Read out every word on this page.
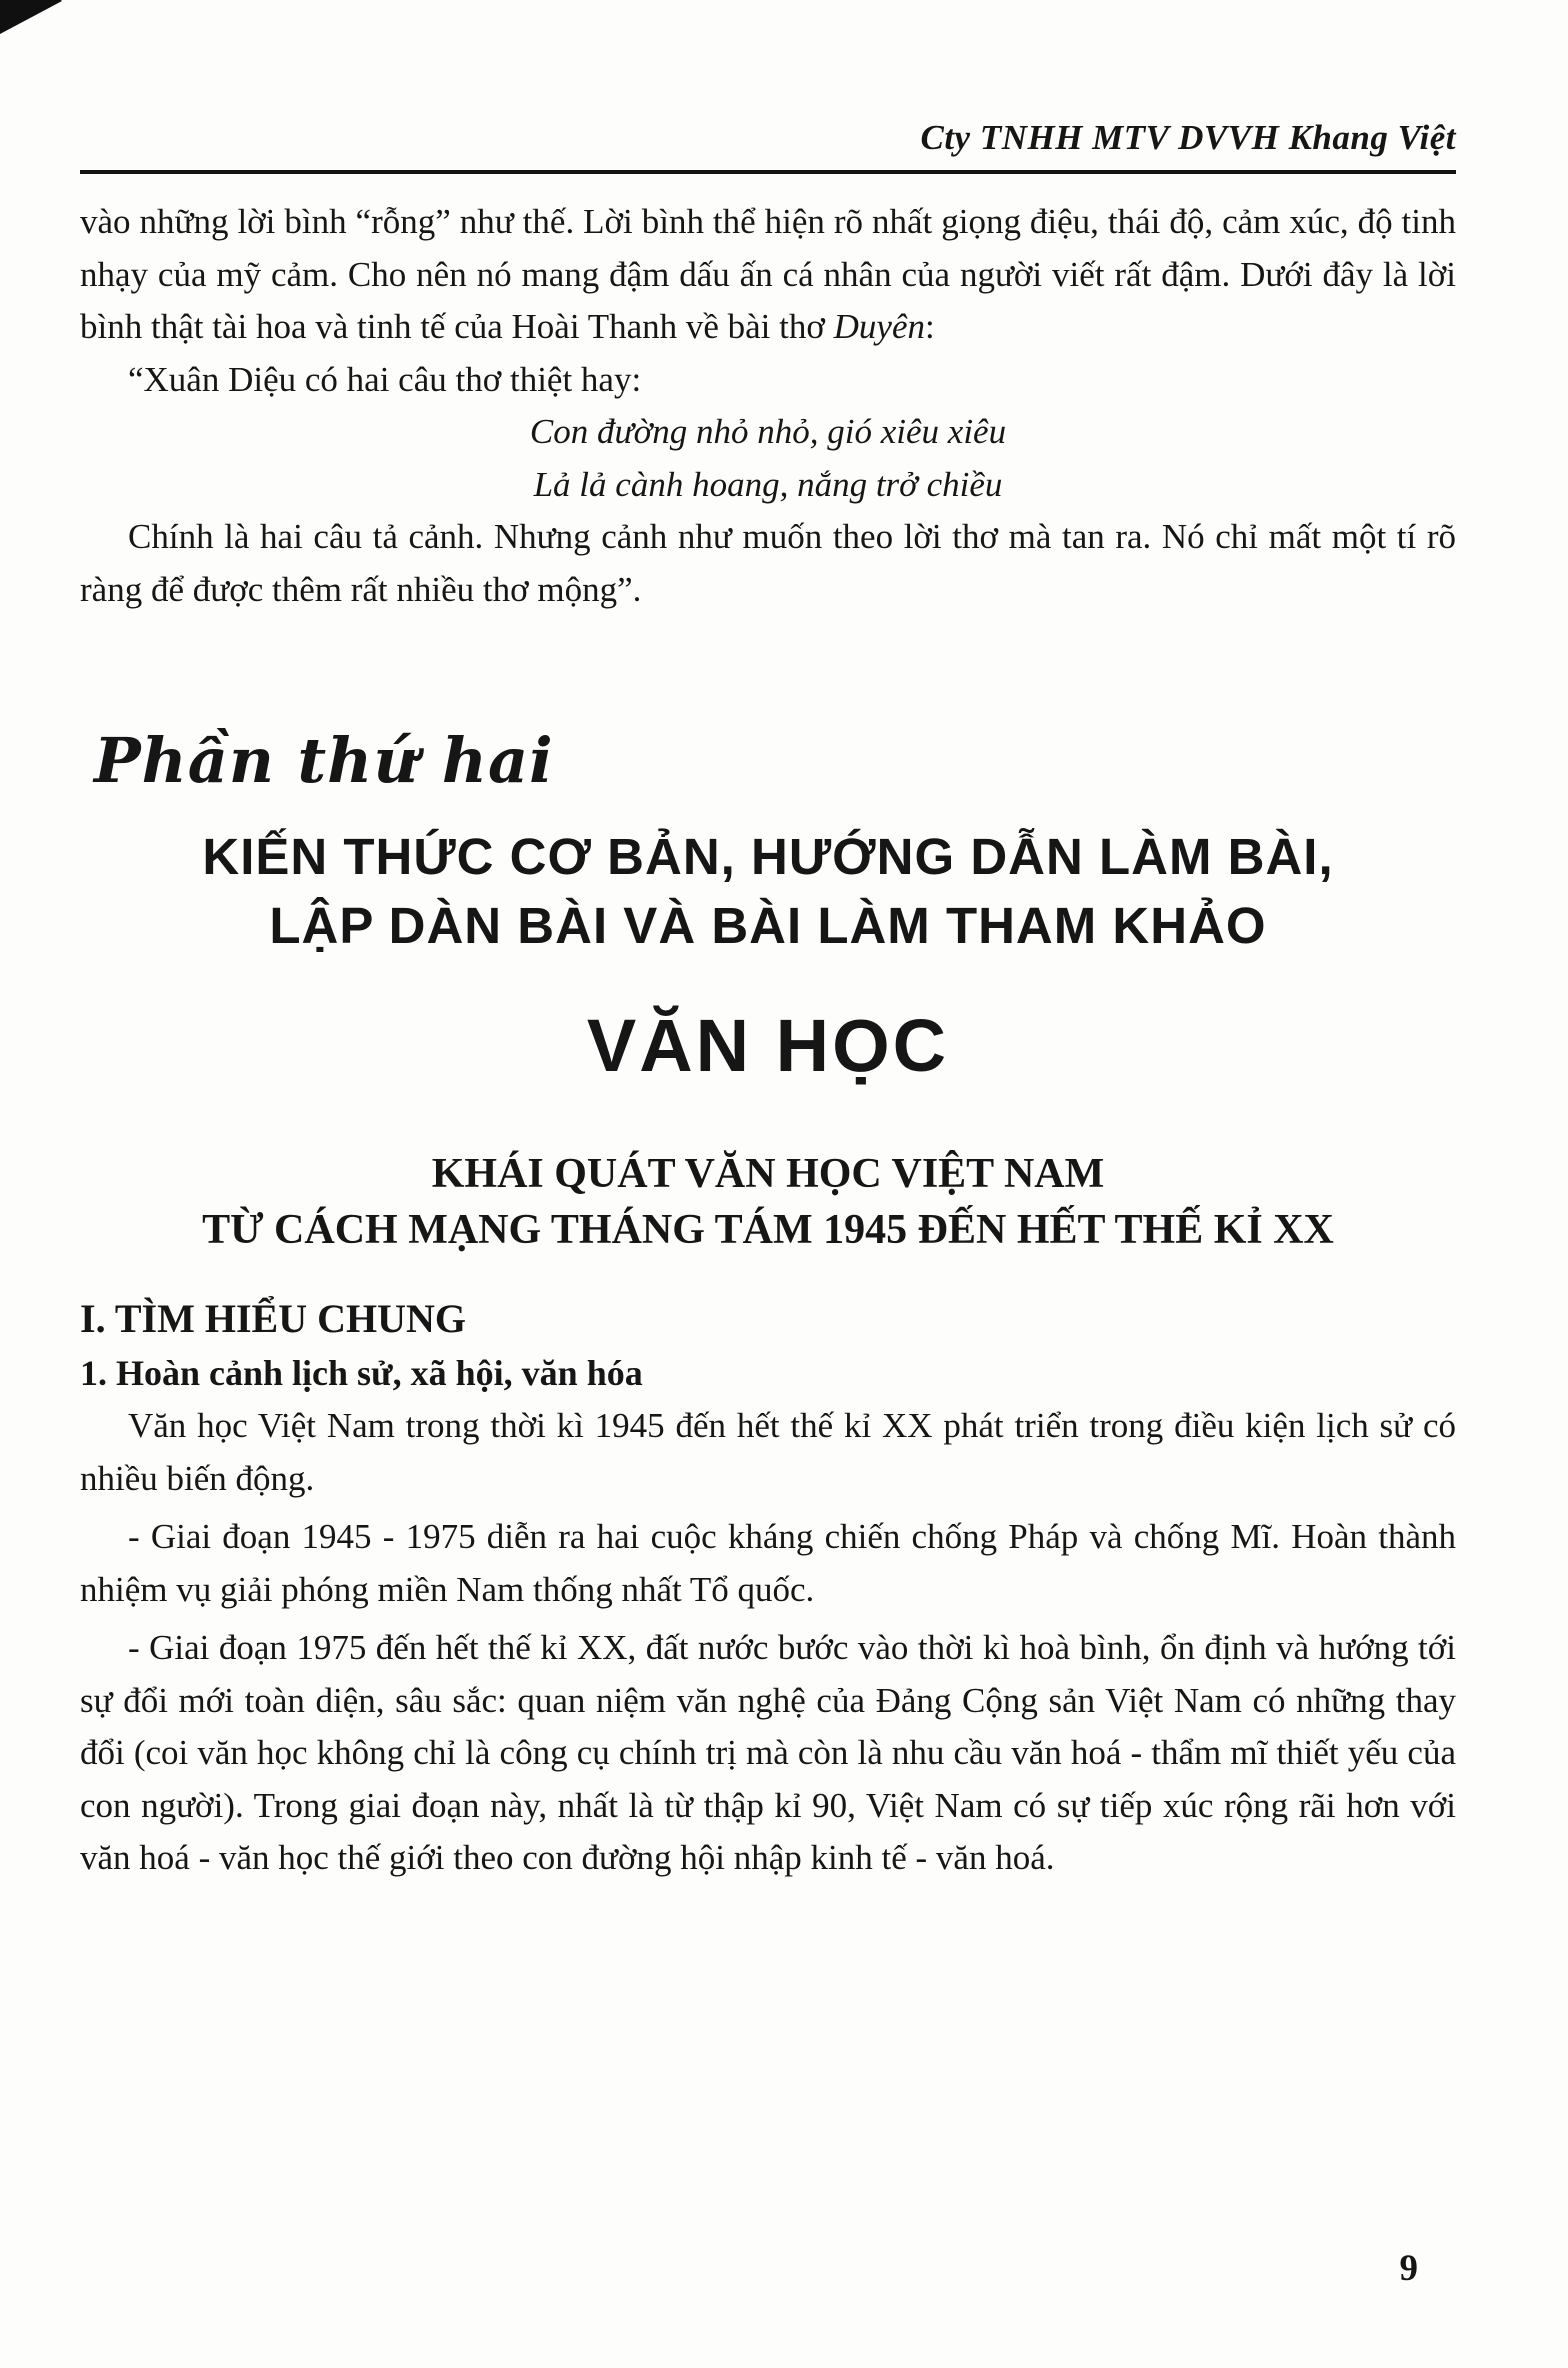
Cty TNHH MTV DVVH Khang Việt

vào những lời bình “rỗng” như thế. Lời bình thể hiện rõ nhất giọng điệu, thái độ, cảm xúc, độ tinh nhạy của mỹ cảm. Cho nên nó mang đậm dấu ấn cá nhân của người viết rất đậm. Dưới đây là lời bình thật tài hoa và tinh tế của Hoài Thanh về bài thơ Duyên:

“Xuân Diệu có hai câu thơ thiệt hay:

Con đường nhỏ nhỏ, gió xiêu xiêu
Lả lả cành hoang, nắng trở chiều

Chính là hai câu tả cảnh. Nhưng cảnh như muốn theo lời thơ mà tan ra. Nó chỉ mất một tí rõ ràng để được thêm rất nhiều thơ mộng”.

Phần thứ hai
KIẾN THỨC CƠ BẢN, HƯỚNG DẪN LÀM BÀI,
LẬP DÀN BÀI VÀ BÀI LÀM THAM KHẢO
VĂN HỌC
KHÁI QUÁT VĂN HỌC VIỆT NAM
TỪ CÁCH MẠNG THÁNG TÁM 1945 ĐẾN HẾT THẾ KỈ XX
I. TÌM HIỂU CHUNG

1. Hoàn cảnh lịch sử, xã hội, văn hóa

Văn học Việt Nam trong thời kì 1945 đến hết thế kỉ XX phát triển trong điều kiện lịch sử có nhiều biến động.

- Giai đoạn 1945 - 1975 diễn ra hai cuộc kháng chiến chống Pháp và chống Mĩ. Hoàn thành nhiệm vụ giải phóng miền Nam thống nhất Tổ quốc.

- Giai đoạn 1975 đến hết thế kỉ XX, đất nước bước vào thời kì hoà bình, ổn định và hướng tới sự đổi mới toàn diện, sâu sắc: quan niệm văn nghệ của Đảng Cộng sản Việt Nam có những thay đổi (coi văn học không chỉ là công cụ chính trị mà còn là nhu cầu văn hoá - thẩm mĩ thiết yếu của con người). Trong giai đoạn này, nhất là từ thập kỉ 90, Việt Nam có sự tiếp xúc rộng rãi hơn với văn hoá - văn học thế giới theo con đường hội nhập kinh tế - văn hoá.

9
